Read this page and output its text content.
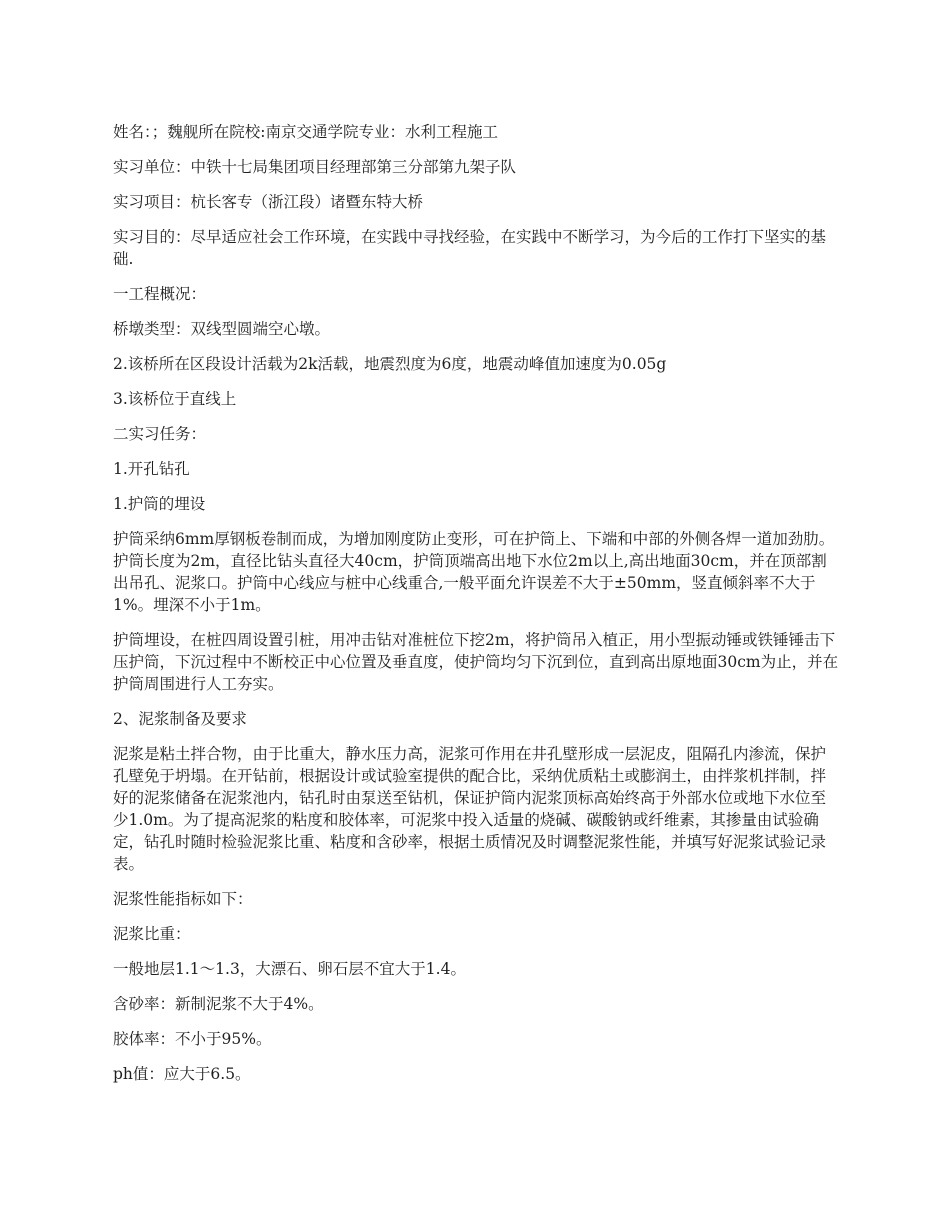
姓名：；魏舰所在院校:南京交通学院专业：水利工程施工

实习单位：中铁十七局集团项目经理部第三分部第九架子队

实习项目：杭长客专（浙江段）诸暨东特大桥

实习目的：尽早适应社会工作环境，在实践中寻找经验，在实践中不断学习，为今后的工作打下坚实的基础.

一工程概况：

桥墩类型：双线型圆端空心墩。

2.该桥所在区段设计活载为2k活载，地震烈度为6度，地震动峰值加速度为0.05g

3.该桥位于直线上

二实习任务：

1.开孔钻孔

1.护筒的埋设

护筒采纳6mm厚钢板卷制而成，为增加刚度防止变形，可在护筒上、下端和中部的外侧各焊一道加劲肋。护筒长度为2m，直径比钻头直径大40cm，护筒顶端高出地下水位2m以上,高出地面30cm，并在顶部割出吊孔、泥浆口。护筒中心线应与桩中心线重合,一般平面允许误差不大于±50mm，竖直倾斜率不大于1%。埋深不小于1m。

护筒埋设，在桩四周设置引桩，用冲击钻对准桩位下挖2m，将护筒吊入植正，用小型振动锤或铁锤锤击下压护筒，下沉过程中不断校正中心位置及垂直度，使护筒均匀下沉到位，直到高出原地面30cm为止，并在护筒周围进行人工夯实。

2、泥浆制备及要求

泥浆是粘土拌合物，由于比重大，静水压力高，泥浆可作用在井孔壁形成一层泥皮，阻隔孔内渗流，保护孔壁免于坍塌。在开钻前，根据设计或试验室提供的配合比，采纳优质粘土或膨润土，由拌浆机拌制，拌好的泥浆储备在泥浆池内，钻孔时由泵送至钻机，保证护筒内泥浆顶标高始终高于外部水位或地下水位至少1.0m。为了提高泥浆的粘度和胶体率，可泥浆中投入适量的烧碱、碳酸钠或纤维素，其掺量由试验确定，钻孔时随时检验泥浆比重、粘度和含砂率，根据土质情况及时调整泥浆性能，并填写好泥浆试验记录表。

泥浆性能指标如下：

泥浆比重：

一般地层1.1～1.3，大漂石、卵石层不宜大于1.4。

含砂率：新制泥浆不大于4%。

胶体率：不小于95%。

ph值：应大于6.5。
